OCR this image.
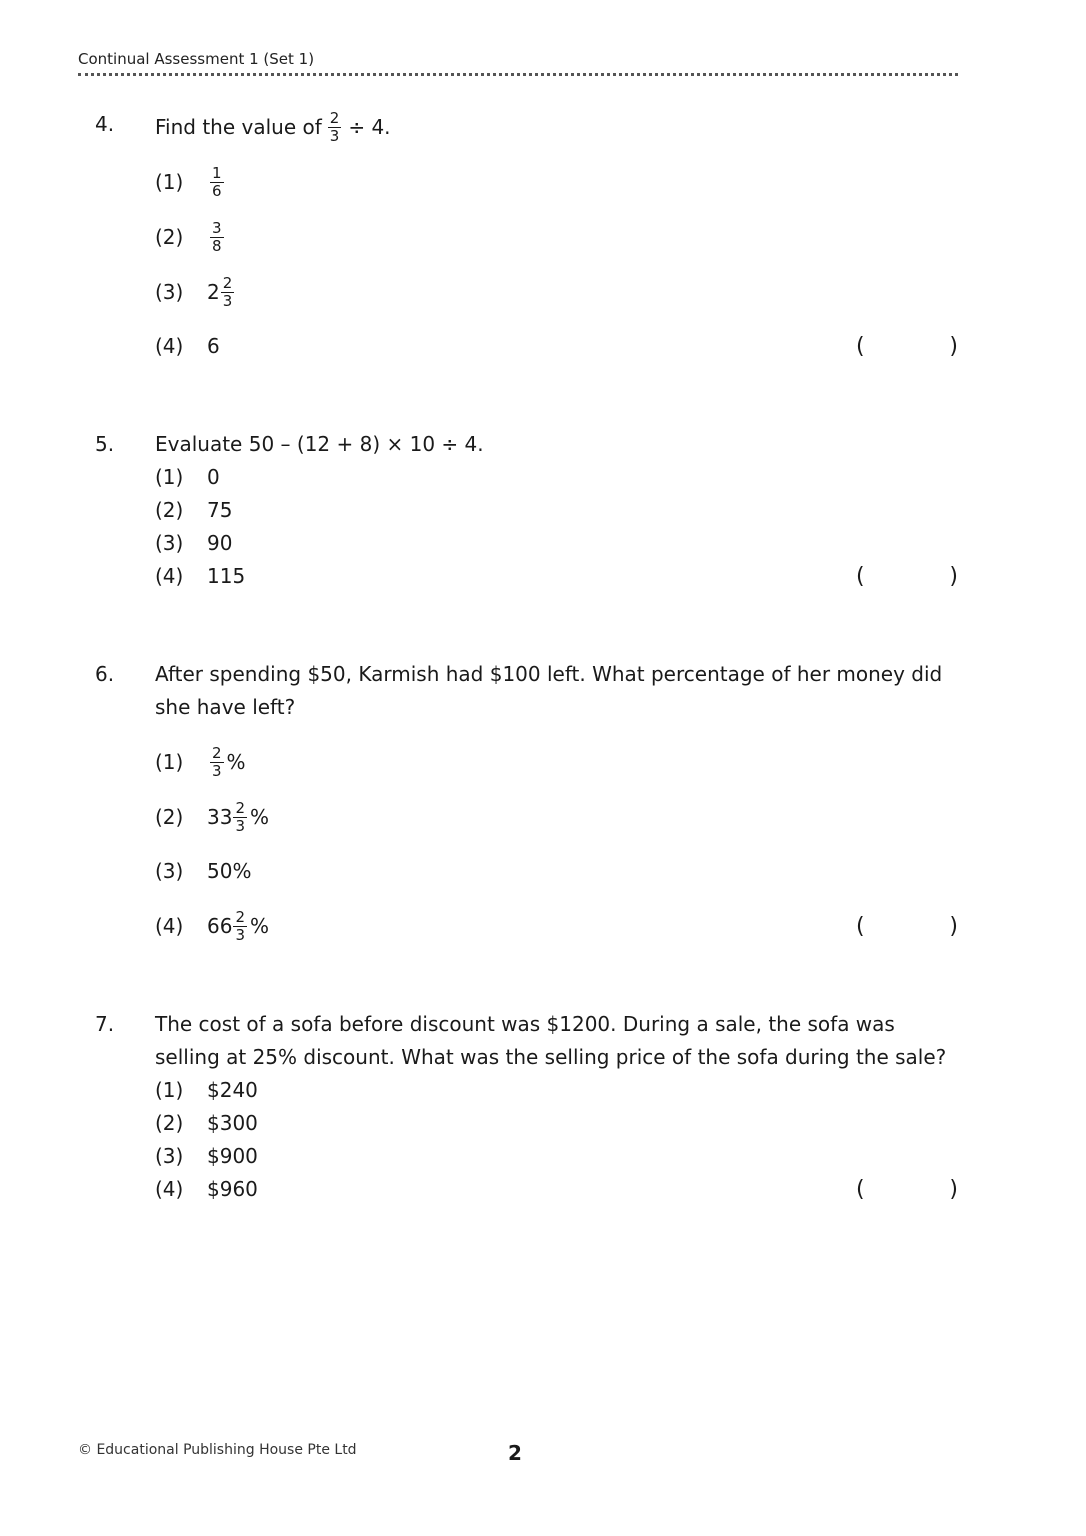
Continual Assessment 1 (Set 1)
4. Find the value of $\frac{2}{3} \div 4$.
(1)	$\frac{1}{6}$
(2)	$\frac{3}{8}$
(3)	$2 \frac{2}{3}$
(4)	6	(	)
5. Evaluate 50 – (12 + 8) × 10 ÷ 4.
(1)	0
(2)	75
(3)	90
(4)	115	(	)
6. After spending $50, Karmish had $100 left. What percentage of her money did she have left?
(1)	$\frac{2}{3}$ %
(2)	$33 \frac{2}{3}$ %
(3)	50%
(4)	$66 \frac{2}{3}$ %	(	)
7. The cost of a sofa before discount was $1200. During a sale, the sofa was selling at 25% discount. What was the selling price of the sofa during the sale?
(1)	$240
(2)	$300
(3)	$900
(4)	$960	(	)
© Educational Publishing House Pte Ltd	2
